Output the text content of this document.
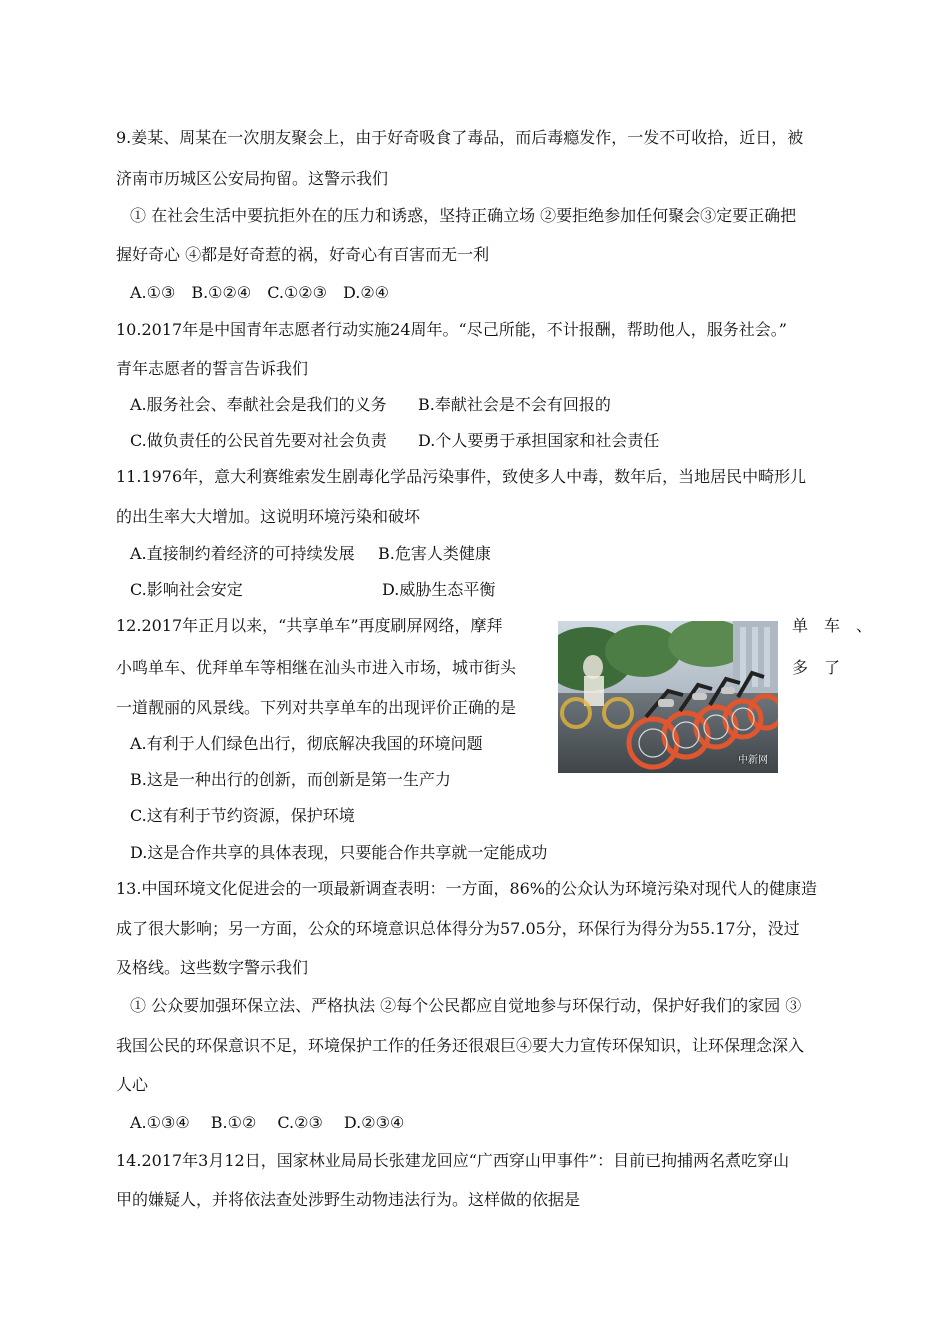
9.姜某、周某在一次朋友聚会上，由于好奇吸食了毒品，而后毒瘾发作，一发不可收拾，近日，被
济南市历城区公安局拘留。这警示我们
① 在社会生活中要抗拒外在的压力和诱惑，坚持正确立场 ②要拒绝参加任何聚会③定要正确把
握好奇心 ④都是好奇惹的祸，好奇心有百害而无一利
A.①③　B.①②④　C.①②③　D.②④
10.2017年是中国青年志愿者行动实施24周年。“尽己所能，不计报酬，帮助他人，服务社会。”
青年志愿者的誓言告诉我们
A.服务社会、奉献社会是我们的义务 B.奉献社会是不会有回报的
C.做负责任的公民首先要对社会负责 D.个人要勇于承担国家和社会责任
11.1976年，意大利赛维索发生剧毒化学品污染事件，致使多人中毒，数年后，当地居民中畸形儿
的出生率大大增加。这说明环境污染和破坏
A.直接制约着经济的可持续发展 B.危害人类健康
C.影响社会安定	D.威胁生态平衡
12.2017年正月以来，“共享单车”再度刷屏网络，摩拜	单　车　、
小鸣单车、优拜单车等相继在汕头市进入市场，城市街头	多　了
一道靓丽的风景线。下列对共享单车的出现评价正确的是
A.有利于人们绿色出行，彻底解决我国的环境问题
B.这是一种出行的创新，而创新是第一生产力
C.这有利于节约资源，保护环境
D.这是合作共享的具体表现，只要能合作共享就一定能成功
中新网
13.中国环境文化促进会的一项最新调查表明：一方面，86%的公众认为环境污染对现代人的健康造
成了很大影响；另一方面，公众的环境意识总体得分为57.05分，环保行为得分为55.17分，没过
及格线。这些数字警示我们
① 公众要加强环保立法、严格执法 ②每个公民都应自觉地参与环保行动，保护好我们的家园 ③
我国公民的环保意识不足，环境保护工作的任务还很艰巨④要大力宣传环保知识，让环保理念深入
人心
A.①③④　 B.①②　 C.②③　 D.②③④
14.2017年3月12日，国家林业局局长张建龙回应“广西穿山甲事件”：目前已拘捕两名煮吃穿山
甲的嫌疑人，并将依法查处涉野生动物违法行为。这样做的依据是
